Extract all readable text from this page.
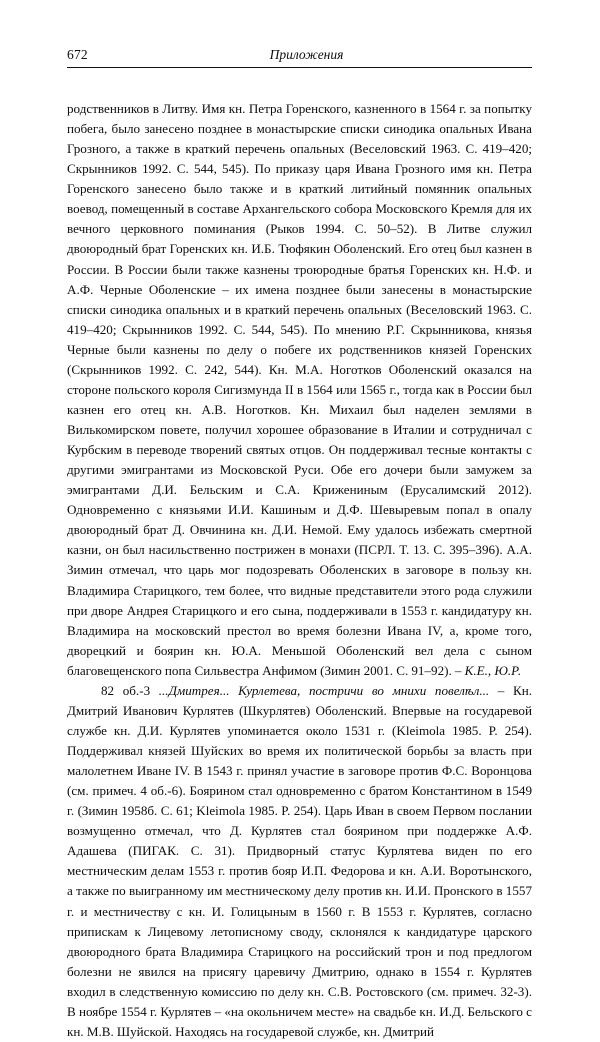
672	Приложения

родственников в Литву. Имя кн. Петра Горенского, казненного в 1564 г. за попытку побега, было занесено позднее в монастырские списки синодика опальных Ивана Грозного, а также в краткий перечень опальных (Веселовский 1963. С. 419–420; Скрынников 1992. С. 544, 545). По приказу царя Ивана Грозного имя кн. Петра Горенского занесено было также и в краткий литийный помянник опальных воевод, помещенный в составе Архангельского собора Московского Кремля для их вечного церковного поминания (Рыков 1994. С. 50–52). В Литве служил двоюродный брат Горенских кн. И.Б. Тюфякин Оболенский. Его отец был казнен в России. В России были также казнены троюродные братья Горенских кн. Н.Ф. и А.Ф. Черные Оболенские – их имена позднее были занесены в монастырские списки синодика опальных и в краткий перечень опальных (Веселовский 1963. С. 419–420; Скрынников 1992. С. 544, 545). По мнению Р.Г. Скрынникова, князья Черные были казнены по делу о побеге их родственников князей Горенских (Скрынников 1992. С. 242, 544). Кн. М.А. Ноготков Оболенский оказался на стороне польского короля Сигизмунда II в 1564 или 1565 г., тогда как в России был казнен его отец кн. А.В. Ноготков. Кн. Михаил был наделен землями в Вилькомирском повете, получил хорошее образование в Италии и сотрудничал с Курбским в переводе творений святых отцов. Он поддерживал тесные контакты с другими эмигрантами из Московской Руси. Обе его дочери были замужем за эмигрантами Д.И. Бельским и С.А. Крижениным (Ерусалимский 2012). Одновременно с князьями И.И. Кашиным и Д.Ф. Шевыревым попал в опалу двоюродный брат Д. Овчинина кн. Д.И. Немой. Ему удалось избежать смертной казни, он был насильственно пострижен в монахи (ПСРЛ. Т. 13. С. 395–396). А.А. Зимин отмечал, что царь мог подозревать Оболенских в заговоре в пользу кн. Владимира Старицкого, тем более, что видные представители этого рода служили при дворе Андрея Старицкого и его сына, поддерживали в 1553 г. кандидатуру кн. Владимира на московский престол во время болезни Ивана IV, а, кроме того, дворецкий и боярин кн. Ю.А. Меньшой Оболенский вел дела с сыном благовещенского попа Сильвестра Анфимом (Зимин 2001. С. 91–92). – К.Е., Ю.Р.

82 об.-3 ...Дмитрея... Курлетева, постричи во мнихи повелѣл... – Кн. Дмитрий Иванович Курлятев (Шкурлятев) Оболенский. Впервые на государевой службе кн. Д.И. Курлятев упоминается около 1531 г. (Kleimola 1985. P. 254). Поддерживал князей Шуйских во время их политической борьбы за власть при малолетнем Иване IV. В 1543 г. принял участие в заговоре против Ф.С. Воронцова (см. примеч. 4 об.-6). Боярином стал одновременно с братом Константином в 1549 г. (Зимин 1958б. С. 61; Kleimola 1985. P. 254). Царь Иван в своем Первом послании возмущенно отмечал, что Д. Курлятев стал боярином при поддержке А.Ф. Адашева (ПИГАК. С. 31). Придворный статус Курлятева виден по его местническим делам 1553 г. против бояр И.П. Федорова и кн. А.И. Воротынского, а также по выигранному им местническому делу против кн. И.И. Пронского в 1557 г. и местничеству с кн. И. Голицыным в 1560 г. В 1553 г. Курлятев, согласно припискам к Лицевому летописному своду, склонялся к кандидатуре царского двоюродного брата Владимира Старицкого на российский трон и под предлогом болезни не явился на присягу царевичу Дмитрию, однако в 1554 г. Курлятев входил в следственную комиссию по делу кн. С.В. Ростовского (см. примеч. 32-3). В ноябре 1554 г. Курлятев – «на окольничем месте» на свадьбе кн. И.Д. Бельского с кн. М.В. Шуйской. Находясь на государевой службе, кн. Дмитрий
